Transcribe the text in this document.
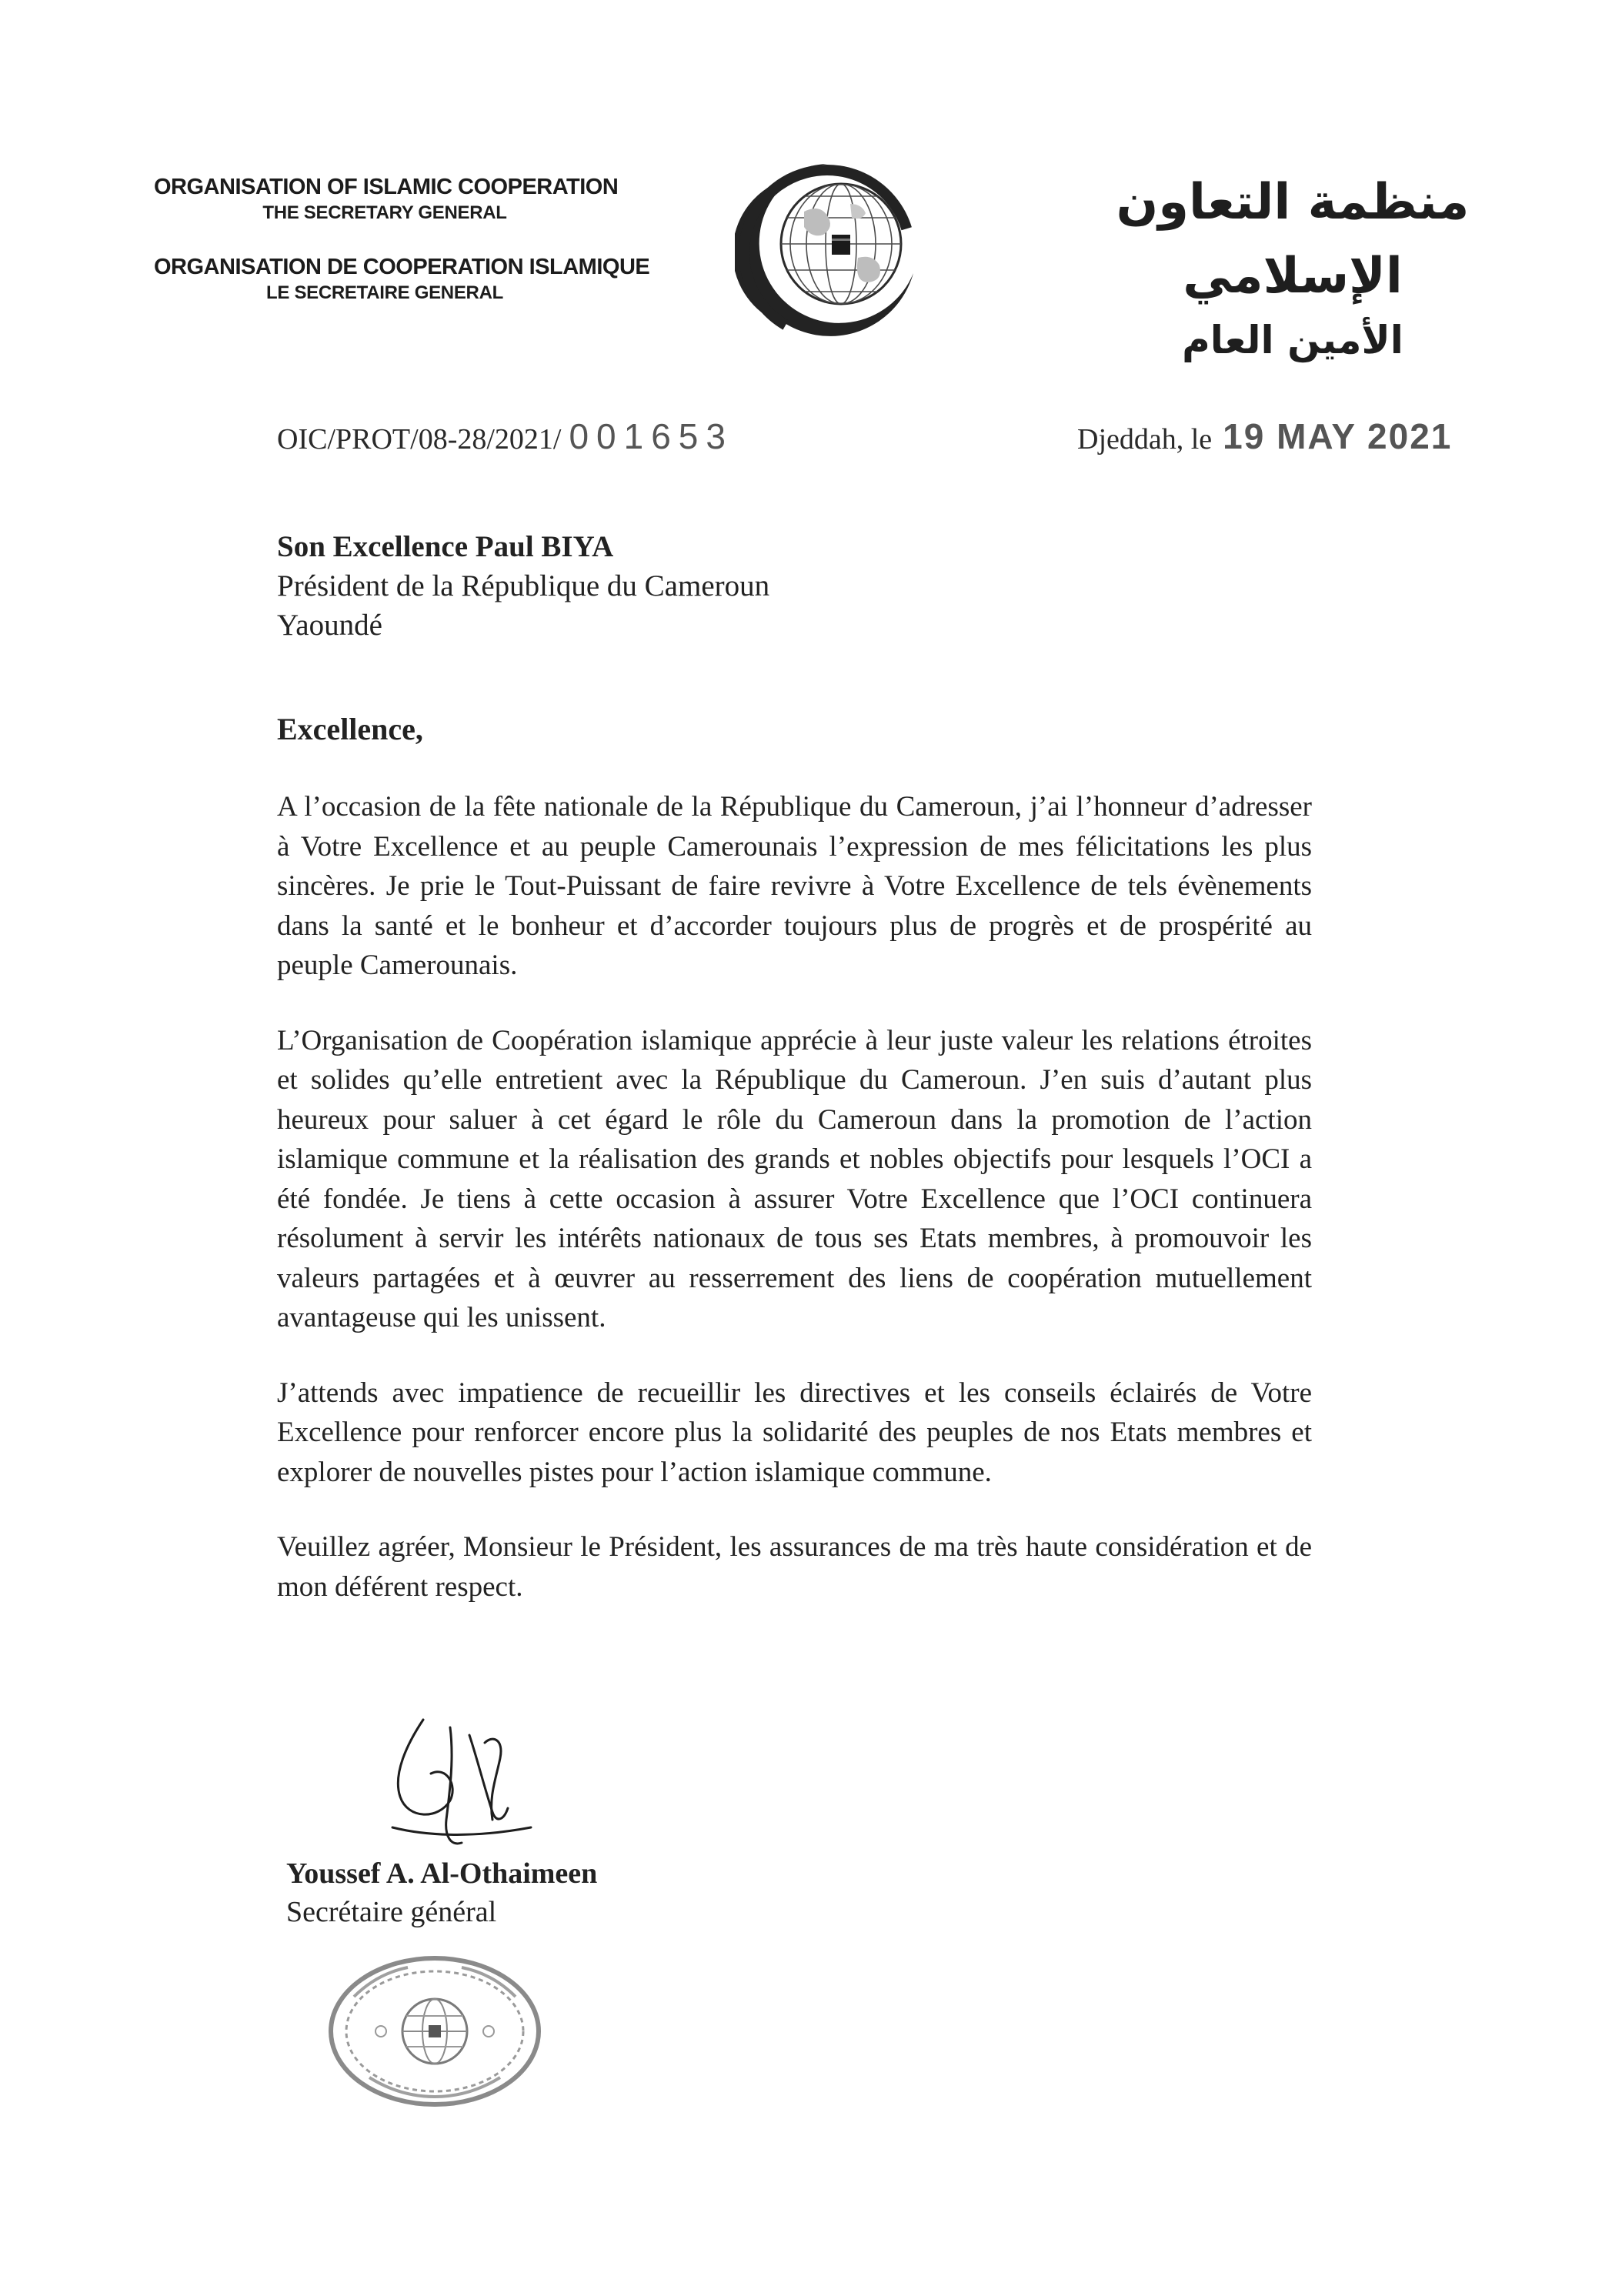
ORGANISATION OF ISLAMIC COOPERATION
THE SECRETARY GENERAL
ORGANISATION DE COOPERATION ISLAMIQUE
LE SECRETAIRE GENERAL
منظمة التعاون الإسلامي
الأمين العام
OIC/PROT/08-28/2021/ 001653	Djeddah, le 19 MAY 2021
Son Excellence Paul BIYA
Président de la République du Cameroun
Yaoundé
Excellence,

A l’occasion de la fête nationale de la République du Cameroun, j’ai l’honneur d’adresser à Votre Excellence et au peuple Camerounais l’expression de mes félicitations les plus sincères. Je prie le Tout-Puissant de faire revivre à Votre Excellence de tels évènements dans la santé et le bonheur et d’accorder toujours plus de progrès et de prospérité au peuple Camerounais.

L’Organisation de Coopération islamique apprécie à leur juste valeur les relations étroites et solides qu’elle entretient avec la République du Cameroun. J’en suis d’autant plus heureux pour saluer à cet égard le rôle du Cameroun dans la promotion de l’action islamique commune et la réalisation des grands et nobles objectifs pour lesquels l’OCI a été fondée. Je tiens à cette occasion à assurer Votre Excellence que l’OCI continuera résolument à servir les intérêts nationaux de tous ses Etats membres, à promouvoir les valeurs partagées et à œuvrer au resserrement des liens de coopération mutuellement avantageuse qui les unissent.

J’attends avec impatience de recueillir les directives et les conseils éclairés de Votre Excellence pour renforcer encore plus la solidarité des peuples de nos Etats membres et explorer de nouvelles pistes pour l’action islamique commune.

Veuillez agréer, Monsieur le Président, les assurances de ma très haute considération et de mon déférent respect.

Youssef A. Al-Othaimeen
Secrétaire général
